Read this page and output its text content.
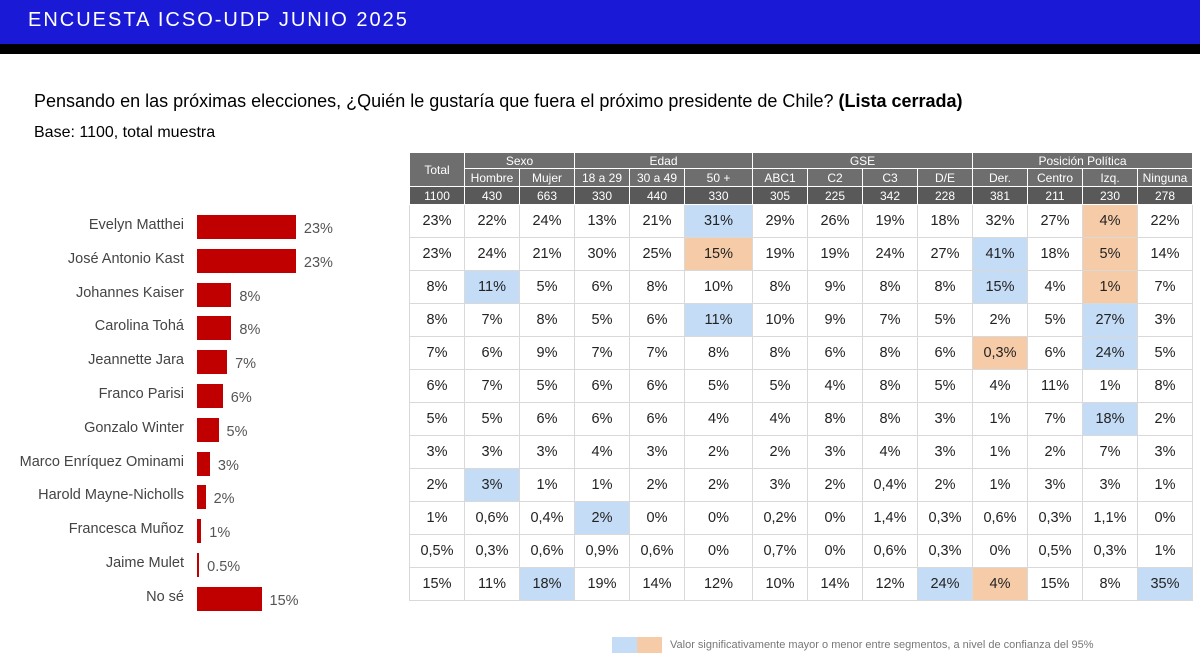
ENCUESTA ICSO-UDP JUNIO 2025
Pensando en las próximas elecciones, ¿Quién le gustaría que fuera el próximo presidente de Chile? (Lista cerrada)
Base: 1100, total muestra
Evelyn Matthei
José Antonio Kast
Johannes Kaiser
Carolina Tohá
Jeannette Jara
Franco Parisi
Gonzalo Winter
Marco Enríquez Ominami
Harold Mayne-Nicholls
Francesca Muñoz
Jaime Mulet
No sé
23%
23%
8%
8%
7%
6%
5%
3%
2%
1%
0.5%
15%
Total	Sexo		Edad			GSE				Posición Política			
	Hombre	Mujer	18 a 29	30 a 49	50 +	ABC1	C2	C3	D/E	Der.	Centro	Izq.	Ninguna
1100	430	663	330	440	330	305	225	342	228	381	211	230	278
23%	22%	24%	13%	21%	31%	29%	26%	19%	18%	32%	27%	4%	22%
23%	24%	21%	30%	25%	15%	19%	19%	24%	27%	41%	18%	5%	14%
8%	11%	5%	6%	8%	10%	8%	9%	8%	8%	15%	4%	1%	7%
8%	7%	8%	5%	6%	11%	10%	9%	7%	5%	2%	5%	27%	3%
7%	6%	9%	7%	7%	8%	8%	6%	8%	6%	0,3%	6%	24%	5%
6%	7%	5%	6%	6%	5%	5%	4%	8%	5%	4%	11%	1%	8%
5%	5%	6%	6%	6%	4%	4%	8%	8%	3%	1%	7%	18%	2%
3%	3%	3%	4%	3%	2%	2%	3%	4%	3%	1%	2%	7%	3%
2%	3%	1%	1%	2%	2%	3%	2%	0,4%	2%	1%	3%	3%	1%
1%	0,6%	0,4%	2%	0%	0%	0,2%	0%	1,4%	0,3%	0,6%	0,3%	1,1%	0%
0,5%	0,3%	0,6%	0,9%	0,6%	0%	0,7%	0%	0,6%	0,3%	0%	0,5%	0,3%	1%
15%	11%	18%	19%	14%	12%	10%	14%	12%	24%	4%	15%	8%	35%
Valor significativamente mayor o menor entre segmentos, a nivel de confianza del 95%
